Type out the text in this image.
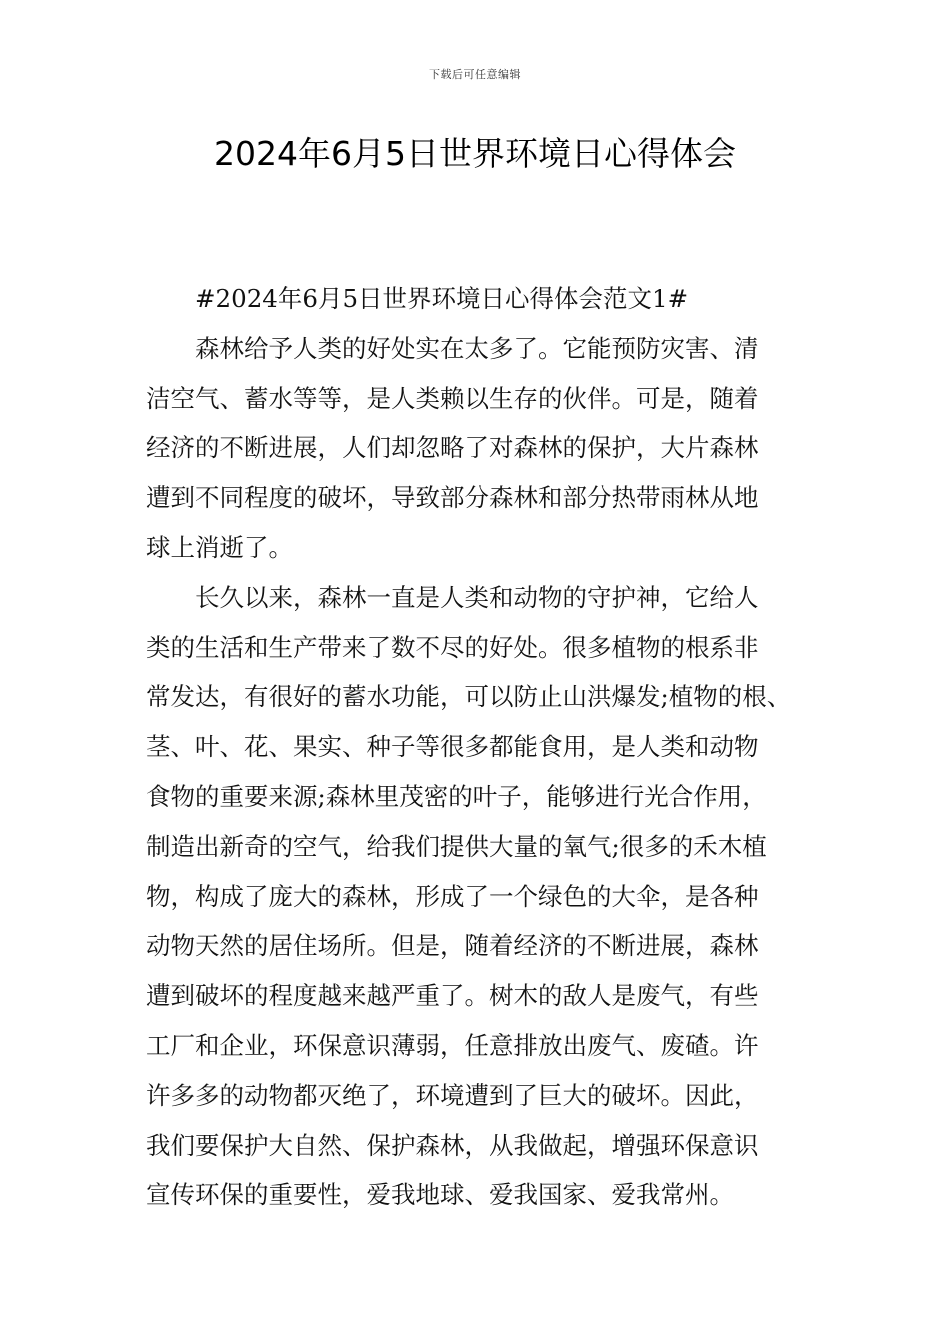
下载后可任意编辑
2024年6月5日世界环境日心得体会
#2024年6月5日世界环境日心得体会范文1#
森林给予人类的好处实在太多了。它能预防灾害、清
洁空气、蓄水等等，是人类赖以生存的伙伴。可是，随着
经济的不断进展，人们却忽略了对森林的保护，大片森林
遭到不同程度的破坏，导致部分森林和部分热带雨林从地
球上消逝了。
长久以来，森林一直是人类和动物的守护神，它给人
类的生活和生产带来了数不尽的好处。很多植物的根系非
常发达，有很好的蓄水功能，可以防止山洪爆发;植物的根、
茎、叶、花、果实、种子等很多都能食用，是人类和动物
食物的重要来源;森林里茂密的叶子，能够进行光合作用，
制造出新奇的空气，给我们提供大量的氧气;很多的禾木植
物，构成了庞大的森林，形成了一个绿色的大伞，是各种
动物天然的居住场所。但是，随着经济的不断进展，森林
遭到破坏的程度越来越严重了。树木的敌人是废气，有些
工厂和企业，环保意识薄弱，任意排放出废气、废碴。许
许多多的动物都灭绝了，环境遭到了巨大的破坏。因此，
我们要保护大自然、保护森林，从我做起，增强环保意识
宣传环保的重要性，爱我地球、爱我国家、爱我常州。
